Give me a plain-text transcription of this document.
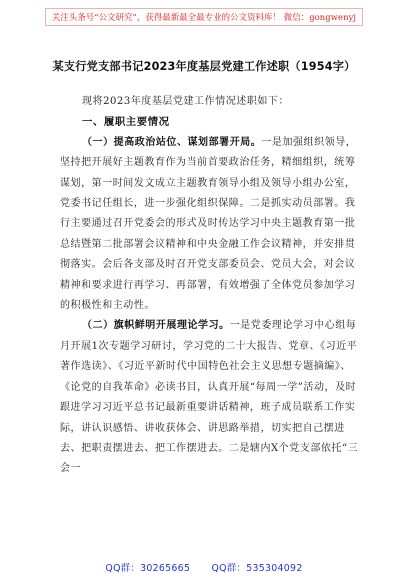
关注头条号“公文研究”，获得最新最全最专业的公文资料库！ 微信：gongwenyj
某支行党支部书记2023年度基层党建工作述职（1954字）

现将2023年度基层党建工作情况述职如下：

一、履职主要情况

（一）提高政治站位、谋划部署开局。一是加强组织领导，坚持把开展好主题教育作为当前首要政治任务，精细组织，统筹谋划，第一时间发文成立主题教育领导小组及领导小组办公室，党委书记任组长，进一步强化组织保障。二是抓实动员部署。我行主要通过召开党委会的形式及时传达学习中央主题教育第一批总结暨第二批部署会议精神和中央金融工作会议精神，并安排贯彻落实。会后各支部及时召开党支部委员会、党员大会，对会议精神和要求进行再学习、再部署，有效增强了全体党员参加学习的积极性和主动性。

（二）旗帜鲜明开展理论学习。一是党委理论学习中心组每月开展1次专题学习研讨，学习党的二十大报告、党章、《习近平著作选读》、《习近平新时代中国特色社会主义思想专题摘编》、《论党的自我革命》必读书目，认真开展“每周一学”活动，及时跟进学习习近平总书记最新重要讲话精神，班子成员联系工作实际，讲认识感悟、讲收获体会、讲思路举措，切实把自己摆进去、把职责摆进去、把工作摆进去。二是辖内X个党支部依托“三会一

QQ群：30265665 QQ群：535304092
